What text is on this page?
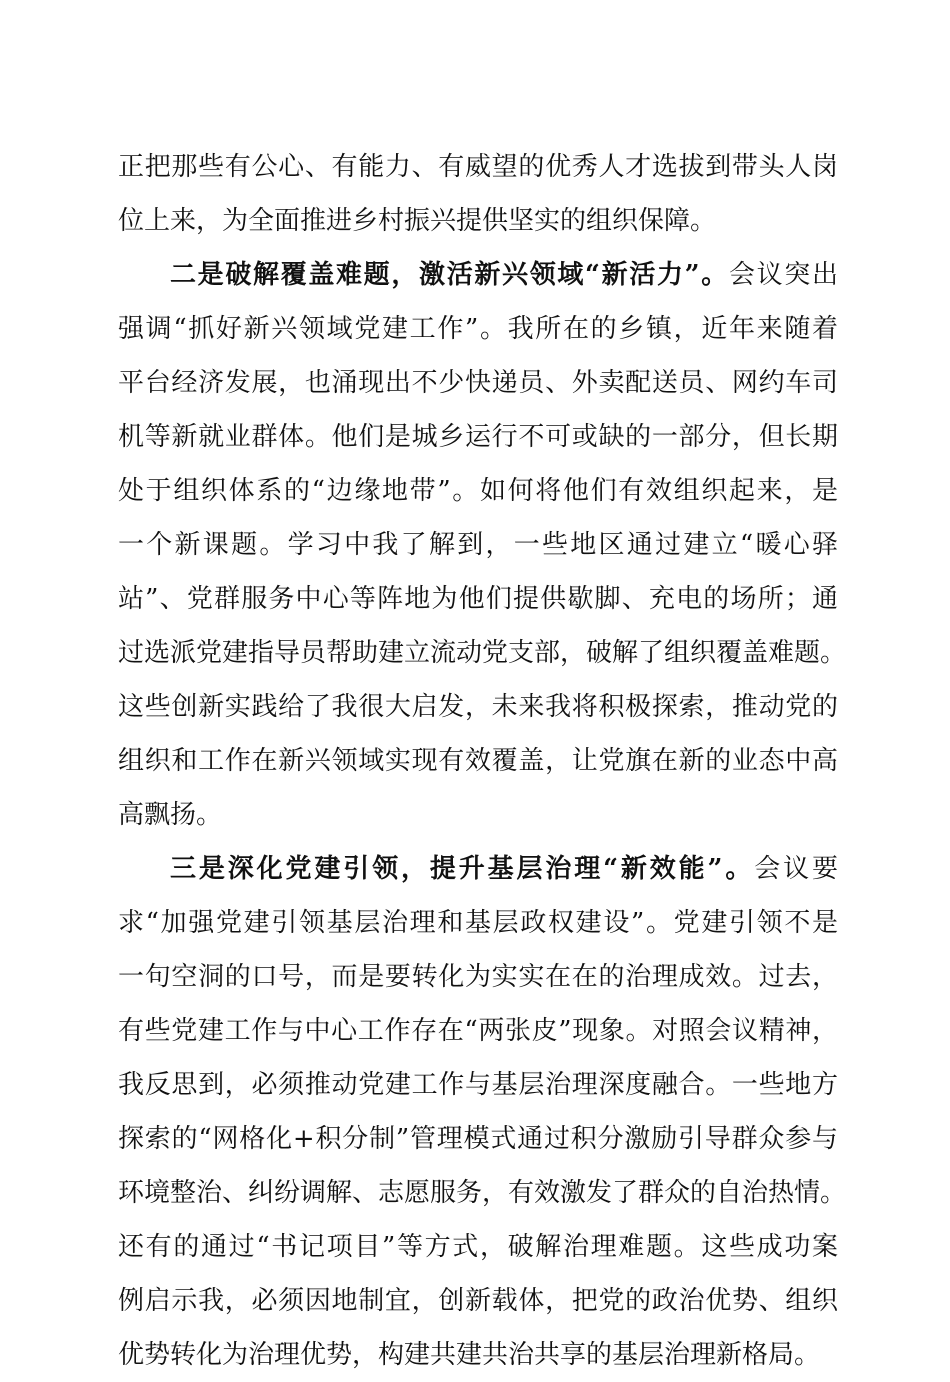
正把那些有公心、有能力、有威望的优秀人才选拔到带头人岗
位上来，为全面推进乡村振兴提供坚实的组织保障。
二是破解覆盖难题，激活新兴领域“新活力”。会议突出
强调“抓好新兴领域党建工作”。我所在的乡镇，近年来随着
平台经济发展，也涌现出不少快递员、外卖配送员、网约车司
机等新就业群体。他们是城乡运行不可或缺的一部分，但长期
处于组织体系的“边缘地带”。如何将他们有效组织起来，是
一个新课题。学习中我了解到，一些地区通过建立“暖心驿
站”、党群服务中心等阵地为他们提供歇脚、充电的场所；通
过选派党建指导员帮助建立流动党支部，破解了组织覆盖难题。
这些创新实践给了我很大启发，未来我将积极探索，推动党的
组织和工作在新兴领域实现有效覆盖，让党旗在新的业态中高
高飘扬。
三是深化党建引领，提升基层治理“新效能”。会议要
求“加强党建引领基层治理和基层政权建设”。党建引领不是
一句空洞的口号，而是要转化为实实在在的治理成效。过去，
有些党建工作与中心工作存在“两张皮”现象。对照会议精神，
我反思到，必须推动党建工作与基层治理深度融合。一些地方
探索的“网格化+积分制”管理模式通过积分激励引导群众参与
环境整治、纠纷调解、志愿服务，有效激发了群众的自治热情。
还有的通过“书记项目”等方式，破解治理难题。这些成功案
例启示我，必须因地制宜，创新载体，把党的政治优势、组织
优势转化为治理优势，构建共建共治共享的基层治理新格局。
